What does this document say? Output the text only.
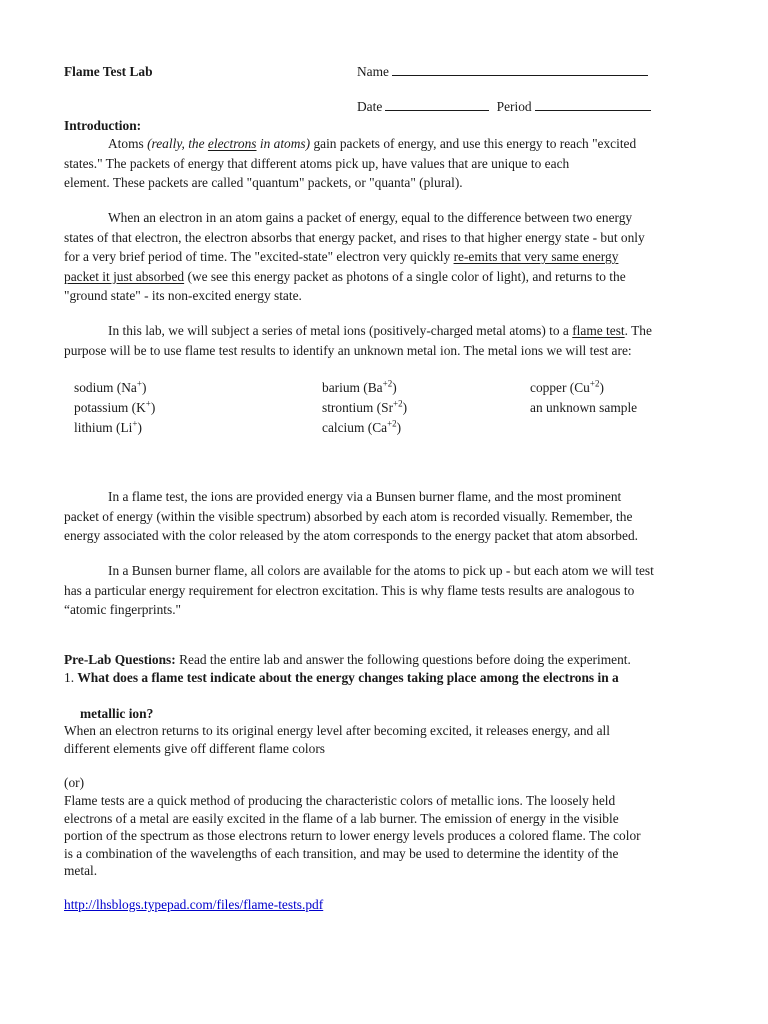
Flame Test Lab	Name
Date	Period
Introduction:
Atoms (really, the electrons in atoms) gain packets of energy, and use this energy to reach "excited
states." The packets of energy that different atoms pick up, have values that are unique to each
element. These packets are called "quantum" packets, or "quanta" (plural).
When an electron in an atom gains a packet of energy, equal to the difference between two energy
states of that electron, the electron absorbs that energy packet, and rises to that higher energy state - but only
for a very brief period of time. The "excited-state" electron very quickly re-emits that very same energy
packet it just absorbed (we see this energy packet as photons of a single color of light), and returns to the
"ground state" - its non-excited energy state.
In this lab, we will subject a series of metal ions (positively-charged metal atoms) to a flame test. The
purpose will be to use flame test results to identify an unknown metal ion. The metal ions we will test are:
sodium (Na+)
potassium (K+)
lithium (Li+)
barium $(Ba^{+2})$
strontium $(Sr^{+2})$
calcium $(Ca^{+2})$
copper $(Cu^{+2})$
an unknown sample
In a flame test, the ions are provided energy via a Bunsen burner flame, and the most prominent
packet of energy (within the visible spectrum) absorbed by each atom is recorded visually. Remember, the
energy associated with the color released by the atom corresponds to the energy packet that atom absorbed.
In a Bunsen burner flame, all colors are available for the atoms to pick up - but each atom we will test
has a particular energy requirement for electron excitation. This is why flame tests results are analogous to
“atomic fingerprints."
Pre-Lab Questions: Read the entire lab and answer the following questions before doing the experiment.
1. What does a flame test indicate about the energy changes taking place among the electrons in a
metallic ion?
When an electron returns to its original energy level after becoming excited, it releases energy, and all
different elements give off different flame colors
(or)
Flame tests are a quick method of producing the characteristic colors of metallic ions. The loosely held
electrons of a metal are easily excited in the flame of a lab burner. The emission of energy in the visible
portion of the spectrum as those electrons return to lower energy levels produces a colored flame. The color
is a combination of the wavelengths of each transition, and may be used to determine the identity of the
metal.
http://lhsblogs.typepad.com/files/flame-tests.pdf
